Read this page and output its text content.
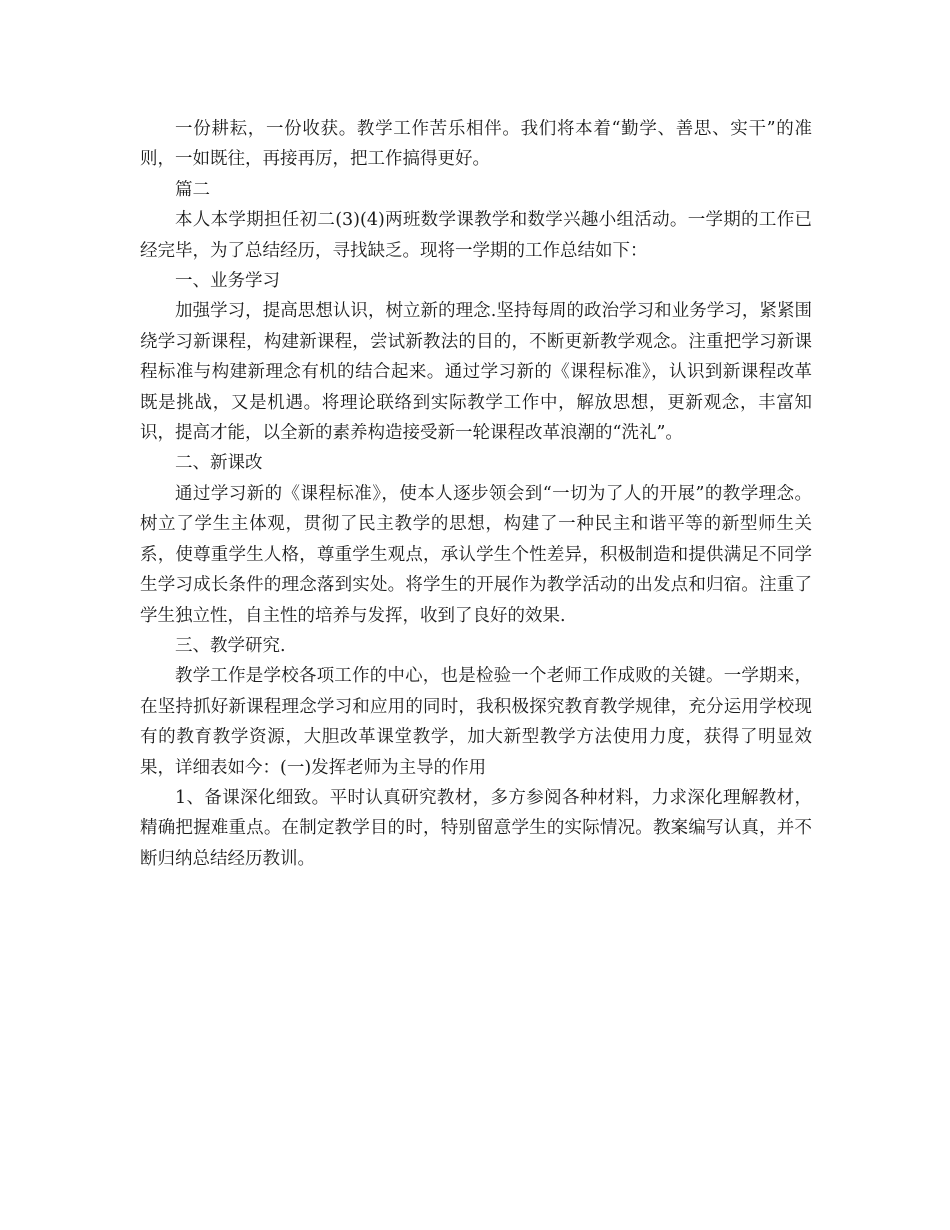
一份耕耘，一份收获。教学工作苦乐相伴。我们将本着“勤学、善思、实干”的准则，一如既往，再接再厉，把工作搞得更好。

篇二

本人本学期担任初二(3)(4)两班数学课教学和数学兴趣小组活动。一学期的工作已经完毕，为了总结经历，寻找缺乏。现将一学期的工作总结如下：

一、业务学习

加强学习，提高思想认识，树立新的理念.坚持每周的政治学习和业务学习，紧紧围绕学习新课程，构建新课程，尝试新教法的目的，不断更新教学观念。注重把学习新课程标准与构建新理念有机的结合起来。通过学习新的《课程标准》，认识到新课程改革既是挑战，又是机遇。将理论联络到实际教学工作中，解放思想，更新观念，丰富知识，提高才能，以全新的素养构造接受新一轮课程改革浪潮的“洗礼”。

二、新课改

通过学习新的《课程标准》，使本人逐步领会到“一切为了人的开展”的教学理念。树立了学生主体观，贯彻了民主教学的思想，构建了一种民主和谐平等的新型师生关系，使尊重学生人格，尊重学生观点，承认学生个性差异，积极制造和提供满足不同学生学习成长条件的理念落到实处。将学生的开展作为教学活动的出发点和归宿。注重了学生独立性，自主性的培养与发挥，收到了良好的效果.

三、教学研究.

教学工作是学校各项工作的中心，也是检验一个老师工作成败的关键。一学期来，在坚持抓好新课程理念学习和应用的同时，我积极探究教育教学规律，充分运用学校现有的教育教学资源，大胆改革课堂教学，加大新型教学方法使用力度，获得了明显效果，详细表如今：(一)发挥老师为主导的作用

1、备课深化细致。平时认真研究教材，多方参阅各种材料，力求深化理解教材，精确把握难重点。在制定教学目的时，特别留意学生的实际情况。教案编写认真，并不断归纳总结经历教训。
